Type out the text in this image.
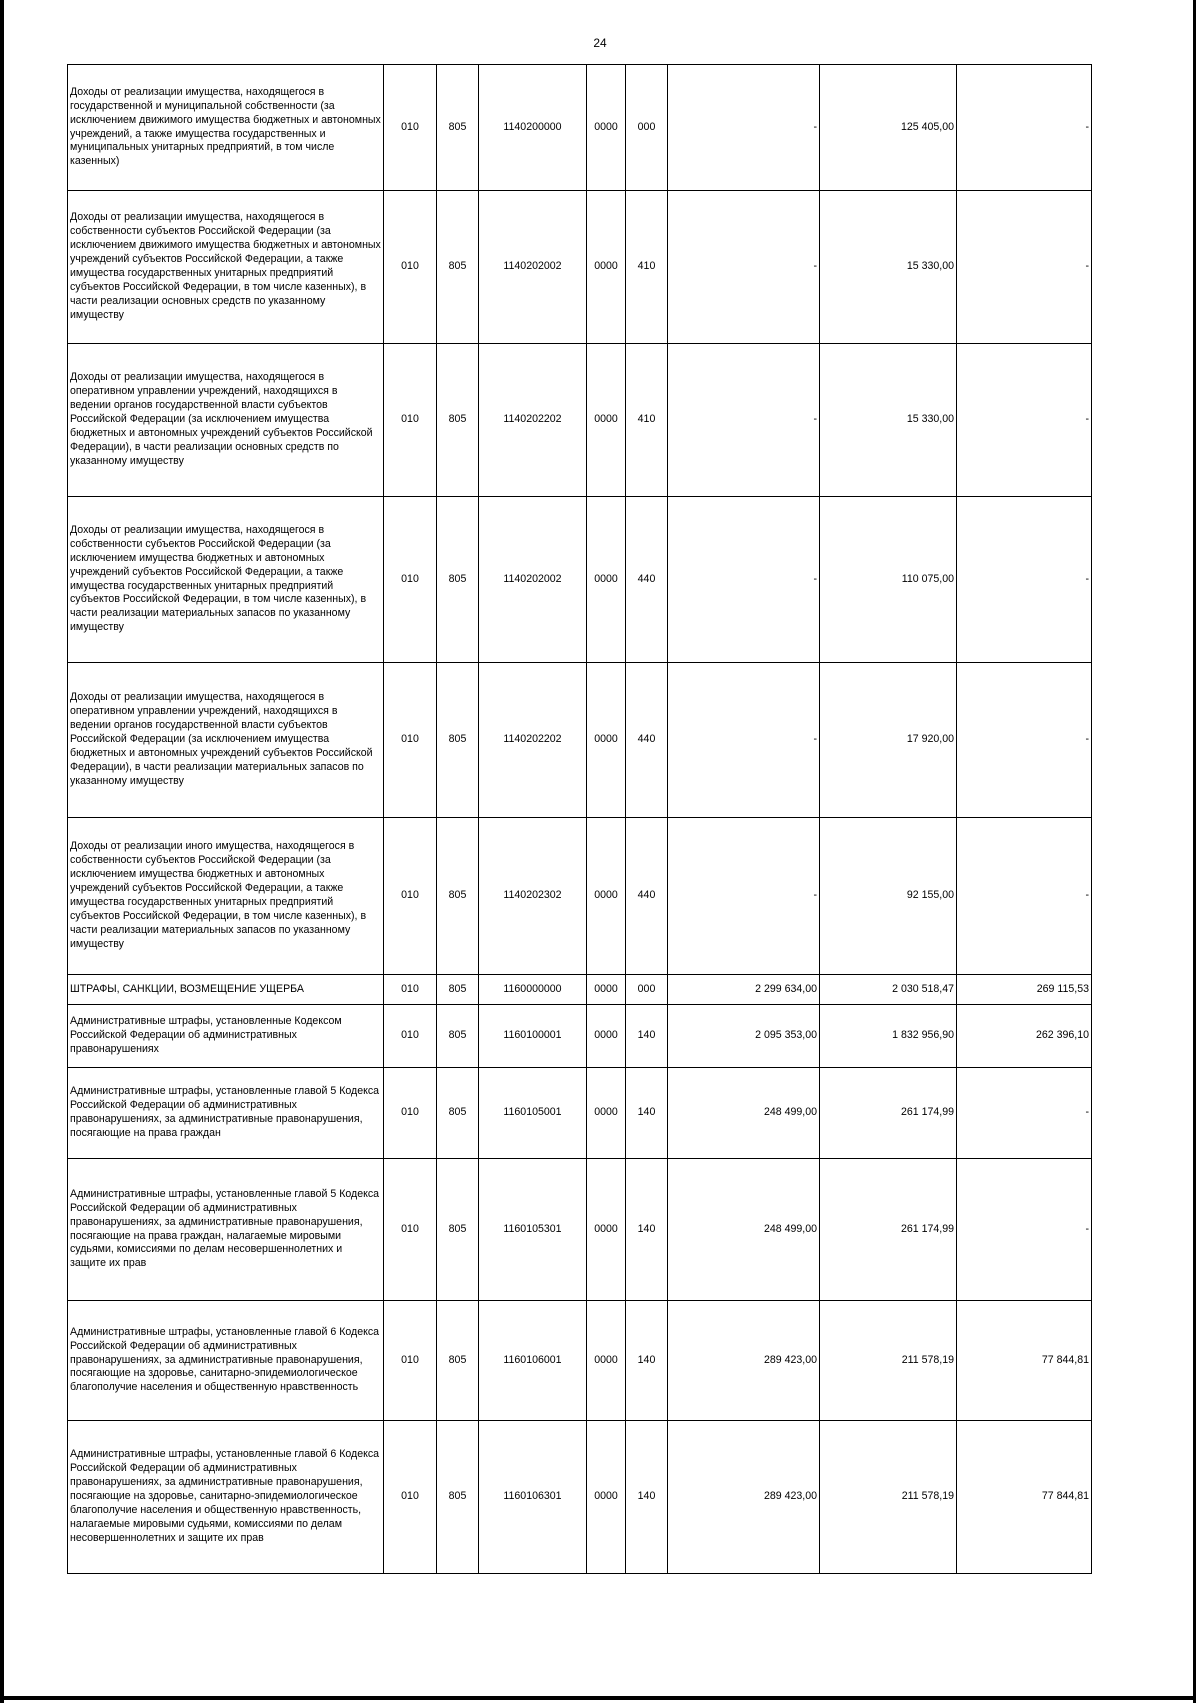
24
Доходы от реализации имущества, находящегося в государственной и муниципальной собственности (за исключением движимого имущества бюджетных и автономных учреждений, а также имущества государственных и муниципальных унитарных предприятий, в том числе казенных)	010	805	1140200000	0000	000	-	125 405,00	-
Доходы от реализации имущества, находящегося в собственности субъектов Российской Федерации (за исключением движимого имущества бюджетных и автономных учреждений субъектов Российской Федерации, а также имущества государственных унитарных предприятий субъектов Российской Федерации, в том числе казенных), в части реализации основных средств по указанному имуществу	010	805	1140202002	0000	410	-	15 330,00	-
Доходы от реализации имущества, находящегося в оперативном управлении учреждений, находящихся в ведении органов государственной власти субъектов Российской Федерации (за исключением имущества бюджетных и автономных учреждений субъектов Российской Федерации), в части реализации основных средств по указанному имуществу	010	805	1140202202	0000	410	-	15 330,00	-
Доходы от реализации имущества, находящегося в собственности субъектов Российской Федерации (за исключением имущества бюджетных и автономных учреждений субъектов Российской Федерации, а также имущества государственных унитарных предприятий субъектов Российской Федерации, в том числе казенных), в части реализации материальных запасов по указанному имуществу	010	805	1140202002	0000	440	-	110 075,00	-
Доходы от реализации имущества, находящегося в оперативном управлении учреждений, находящихся в ведении органов государственной власти субъектов Российской Федерации (за исключением имущества бюджетных и автономных учреждений субъектов Российской Федерации), в части реализации материальных запасов по указанному имуществу	010	805	1140202202	0000	440	-	17 920,00	-
Доходы от реализации иного имущества, находящегося в собственности субъектов Российской Федерации (за исключением имущества бюджетных и автономных учреждений субъектов Российской Федерации, а также имущества государственных унитарных предприятий субъектов Российской Федерации, в том числе казенных), в части реализации материальных запасов по указанному имуществу	010	805	1140202302	0000	440	-	92 155,00	-
ШТРАФЫ, САНКЦИИ, ВОЗМЕЩЕНИЕ УЩЕРБА	010	805	1160000000	0000	000	2 299 634,00	2 030 518,47	269 115,53
Административные штрафы, установленные Кодексом Российской Федерации об административных правонарушениях	010	805	1160100001	0000	140	2 095 353,00	1 832 956,90	262 396,10
Административные штрафы, установленные главой 5 Кодекса Российской Федерации об административных правонарушениях, за административные правонарушения, посягающие на права граждан	010	805	1160105001	0000	140	248 499,00	261 174,99	-
Административные штрафы, установленные главой 5 Кодекса Российской Федерации об административных правонарушениях, за административные правонарушения, посягающие на права граждан, налагаемые мировыми судьями, комиссиями по делам несовершеннолетних и защите их прав	010	805	1160105301	0000	140	248 499,00	261 174,99	-
Административные штрафы, установленные главой 6 Кодекса Российской Федерации об административных правонарушениях, за административные правонарушения, посягающие на здоровье, санитарно-эпидемиологическое благополучие населения и общественную нравственность	010	805	1160106001	0000	140	289 423,00	211 578,19	77 844,81
Административные штрафы, установленные главой 6 Кодекса Российской Федерации об административных правонарушениях, за административные правонарушения, посягающие на здоровье, санитарно-эпидемиологическое благополучие населения и общественную нравственность, налагаемые мировыми судьями, комиссиями по делам несовершеннолетних и защите их прав	010	805	1160106301	0000	140	289 423,00	211 578,19	77 844,81
